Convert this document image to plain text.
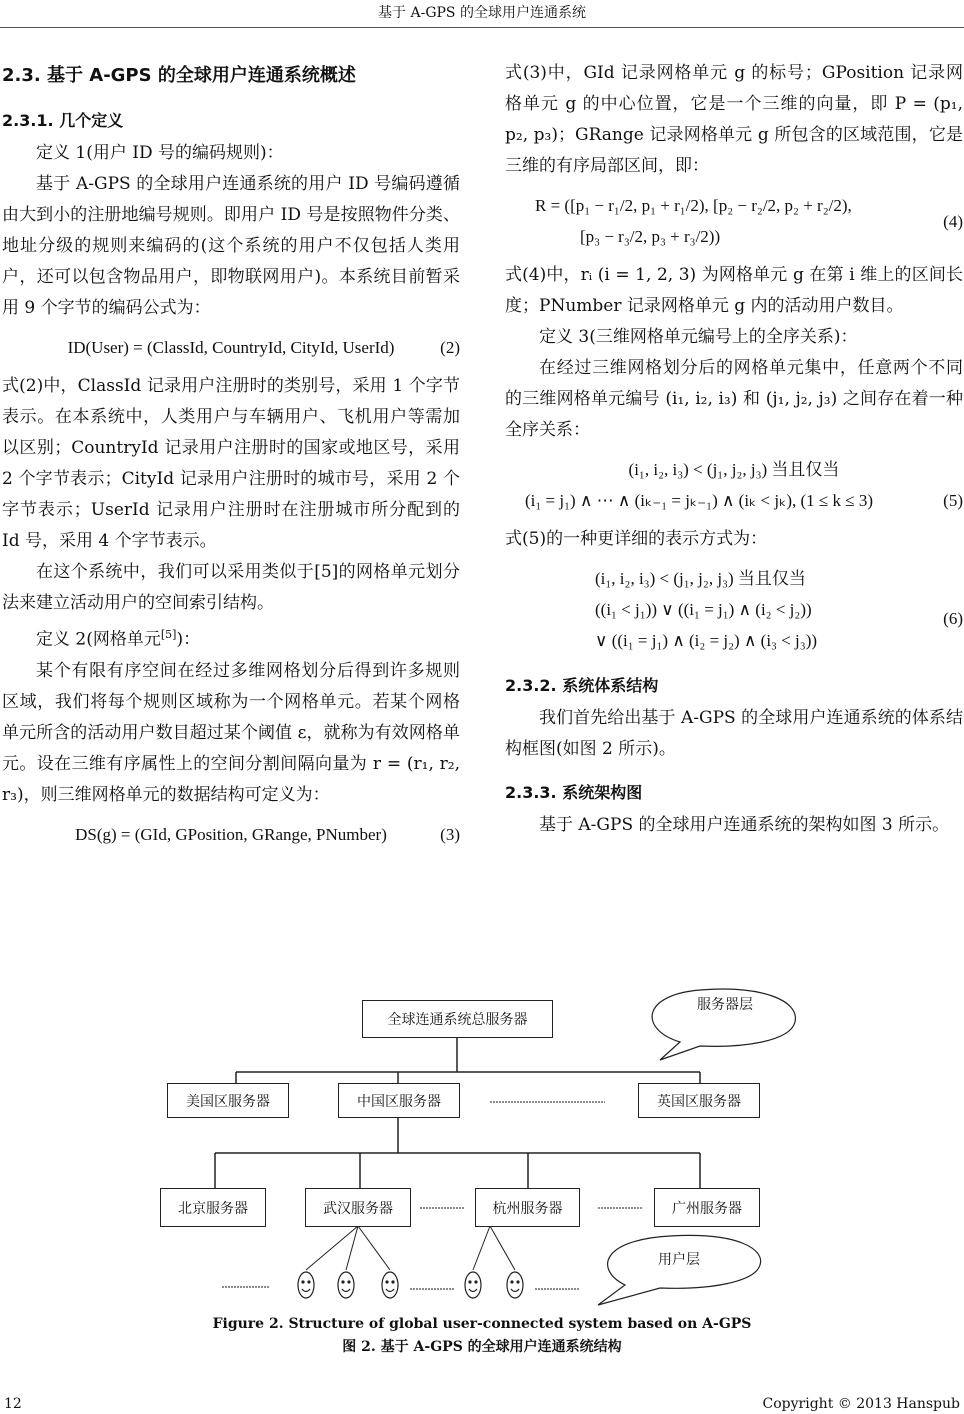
基于 A-GPS 的全球用户连通系统
2.3. 基于 A-GPS 的全球用户连通系统概述
2.3.1. 几个定义

定义 1(用户 ID 号的编码规则)：

基于 A-GPS 的全球用户连通系统的用户 ID 号编码遵循由大到小的注册地编号规则。即用户 ID 号是按照物件分类、地址分级的规则来编码的(这个系统的用户不仅包括人类用户，还可以包含物品用户，即物联网用户)。本系统目前暂采用 9 个字节的编码公式为：

ID(User) = (ClassId, CountryId, CityId, UserId)	(2)

式(2)中，ClassId 记录用户注册时的类别号，采用 1 个字节表示。在本系统中，人类用户与车辆用户、飞机用户等需加以区别；CountryId 记录用户注册时的国家或地区号，采用 2 个字节表示；CityId 记录用户注册时的城市号，采用 2 个字节表示；UserId 记录用户注册时在注册城市所分配到的 Id 号，采用 4 个字节表示。

在这个系统中，我们可以采用类似于[5]的网格单元划分法来建立活动用户的空间索引结构。

定义 2(网格单元[5])：

某个有限有序空间在经过多维网格划分后得到许多规则区域，我们将每个规则区域称为一个网格单元。若某个网格单元所含的活动用户数目超过某个阈值 ε，就称为有效网格单元。设在三维有序属性上的空间分割间隔向量为 r = (r₁, r₂, r₃)，则三维网格单元的数据结构可定义为：

DS(g) = (GId, GPosition, GRange, PNumber)	(3)

式(3)中，GId 记录网格单元 g 的标号；GPosition 记录网格单元 g 的中心位置，它是一个三维的向量，即 P = (p₁, p₂, p₃)；GRange 记录网格单元 g 所包含的区域范围，它是三维的有序局部区间，即：

R = ([p₁ − r₁/2, p₁ + r₁/2), [p₂ − r₂/2, p₂ + r₂/2),
[p₃ − r₃/2, p₃ + r₃/2))
(4)

式(4)中，rᵢ (i = 1, 2, 3) 为网格单元 g 在第 i 维上的区间长度；PNumber 记录网格单元 g 内的活动用户数目。

定义 3(三维网格单元编号上的全序关系)：

在经过三维网格划分后的网格单元集中，任意两个不同的三维网格单元编号 (i₁, i₂, i₃) 和 (j₁, j₂, j₃) 之间存在着一种全序关系：

(i₁, i₂, i₃) < (j₁, j₂, j₃) 当且仅当
(i₁ = j₁) ∧ ⋯ ∧ (iₖ₋₁ = jₖ₋₁) ∧ (iₖ < jₖ), (1 ≤ k ≤ 3)	(5)

式(5)的一种更详细的表示方式为：

(i₁, i₂, i₃) < (j₁, j₂, j₃) 当且仅当
((i₁ < j₁)) ∨ ((i₁ = j₁) ∧ (i₂ < j₂))
∨ ((i₁ = j₁) ∧ (i₂ = j₂) ∧ (i₃ < j₃))
(6)
2.3.2. 系统体系结构

我们首先给出基于 A-GPS 的全球用户连通系统的体系结构框图(如图 2 所示)。

2.3.3. 系统架构图

基于 A-GPS 的全球用户连通系统的架构如图 3 所示。

全球连通系统总服务器
服务器层
美国区服务器	中国区服务器	英国区服务器
北京服务器	武汉服务器	杭州服务器	广州服务器
用户层
Figure 2. Structure of global user-connected system based on A-GPS
图 2. 基于 A-GPS 的全球用户连通系统结构
12	Copyright © 2013 Hanspub
